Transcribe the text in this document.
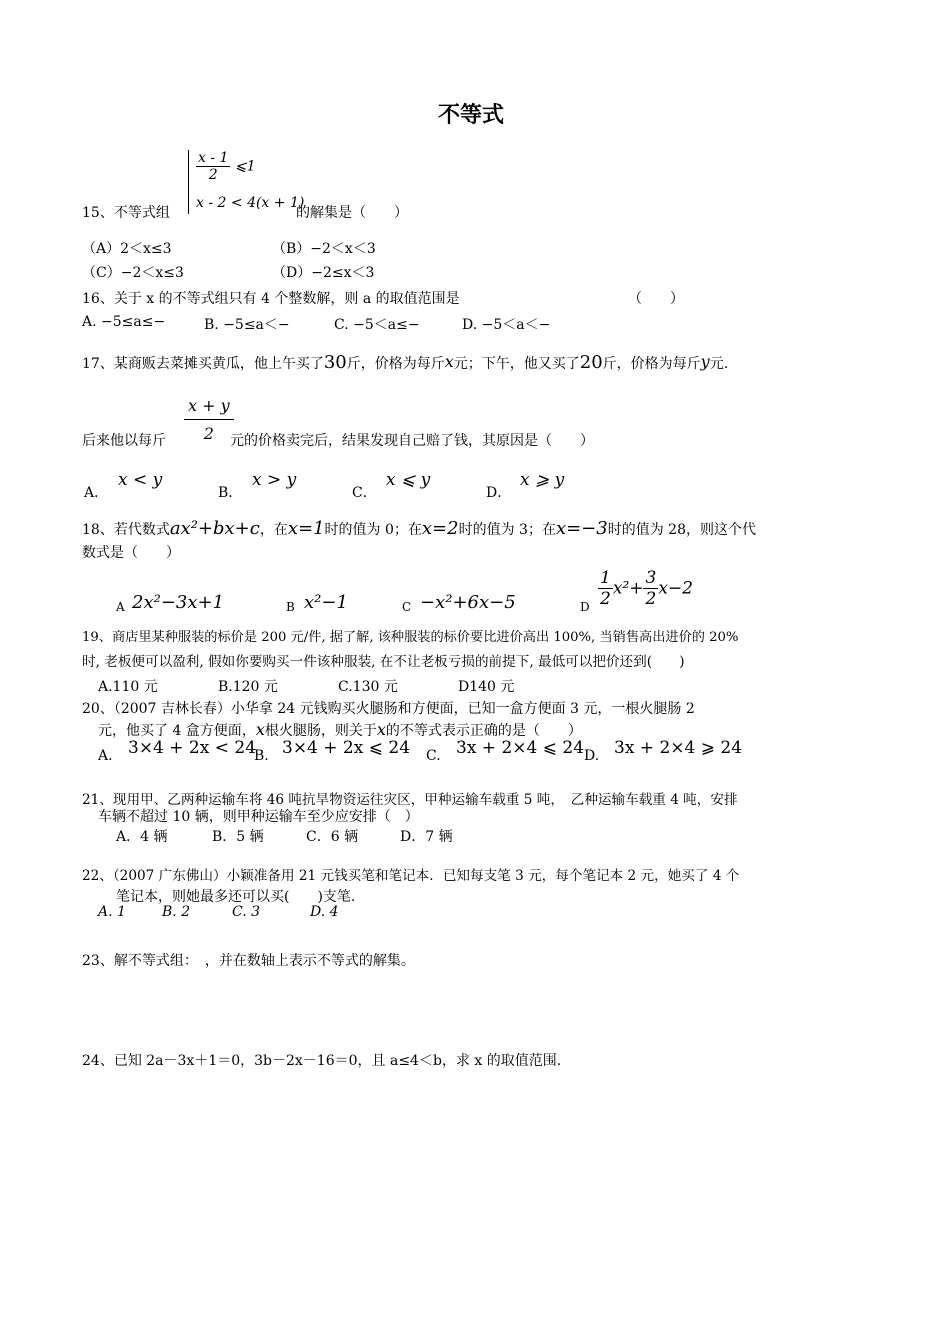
不等式
$\frac{x - 1}{2}$ ⩽1
x - 2 < 4(x + 1)
15、不等式组	的解集是（　　）
（A）2＜x≤3	（B）−2＜x＜3
（C）−2＜x≤3	（D）−2≤x＜3
16、关于 x 的不等式组只有 4 个整数解，则 a 的取值范围是	（　　）
A. −5≤a≤−	B. −5≤a＜−	C. −5＜a≤−	D. −5＜a＜−
17、某商贩去菜摊买黄瓜，他上午买了30斤，价格为每斤x元；下午，他又买了20斤，价格为每斤y元.
后来他以每斤 $\frac{x + y}{2}$
元的价格卖完后，结果发现自己赔了钱，其原因是（　　）
A．
x < y
B．
x > y
C．
x ⩽ y
D．
x ⩾ y
18、若代数式ax²+bx+c，在x=1时的值为 0；在x=2时的值为 3；在x=−3时的值为 28，则这个代
数式是（　　）
A 2x²−3x+1	B x²−1	C −x²+6x−5	D $\frac{1}{2} x^2+ \frac{3}{2} x-2$
19、商店里某种服装的标价是 200 元/件, 据了解, 该种服装的标价要比进价高出 100%, 当销售高出进价的 20%
时, 老板便可以盈利, 假如你要购买一件该种服装, 在不让老板亏损的前提下, 最低可以把价还到(　　)
A.110 元	B.120 元	C.130 元	D140 元
20、（2007 吉林长春）小华拿 24 元钱购买火腿肠和方便面，已知一盒方便面 3 元，一根火腿肠 2
元，他买了 4 盒方便面，x根火腿肠，则关于x的不等式表示正确的是（　　）
A. 3×4 + 2x < 24
B. 3×4 + 2x ⩽ 24 C. 3x + 2×4 ⩽ 24 D. 3x + 2×4 ⩾ 24
21、现用甲、乙两种运输车将 46 吨抗旱物资运往灾区，甲种运输车载重 5 吨，　乙种运输车载重 4 吨，安排
车辆不超过 10 辆，则甲种运输车至少应安排（　）
A．4 辆	B．5 辆	C．6 辆	D．7 辆
22、（2007 广东佛山）小颖准备用 21 元钱买笔和笔记本．已知每支笔 3 元，每个笔记本 2 元，她买了 4 个
笔记本，则她最多还可以买(　　)支笔.
A. 1	B. 2	C. 3	D. 4
23、解不等式组：　，并在数轴上表示不等式的解集。
24、已知 2a－3x＋1＝0，3b－2x－16＝0，且 a≤4＜b，求 x 的取值范围.
